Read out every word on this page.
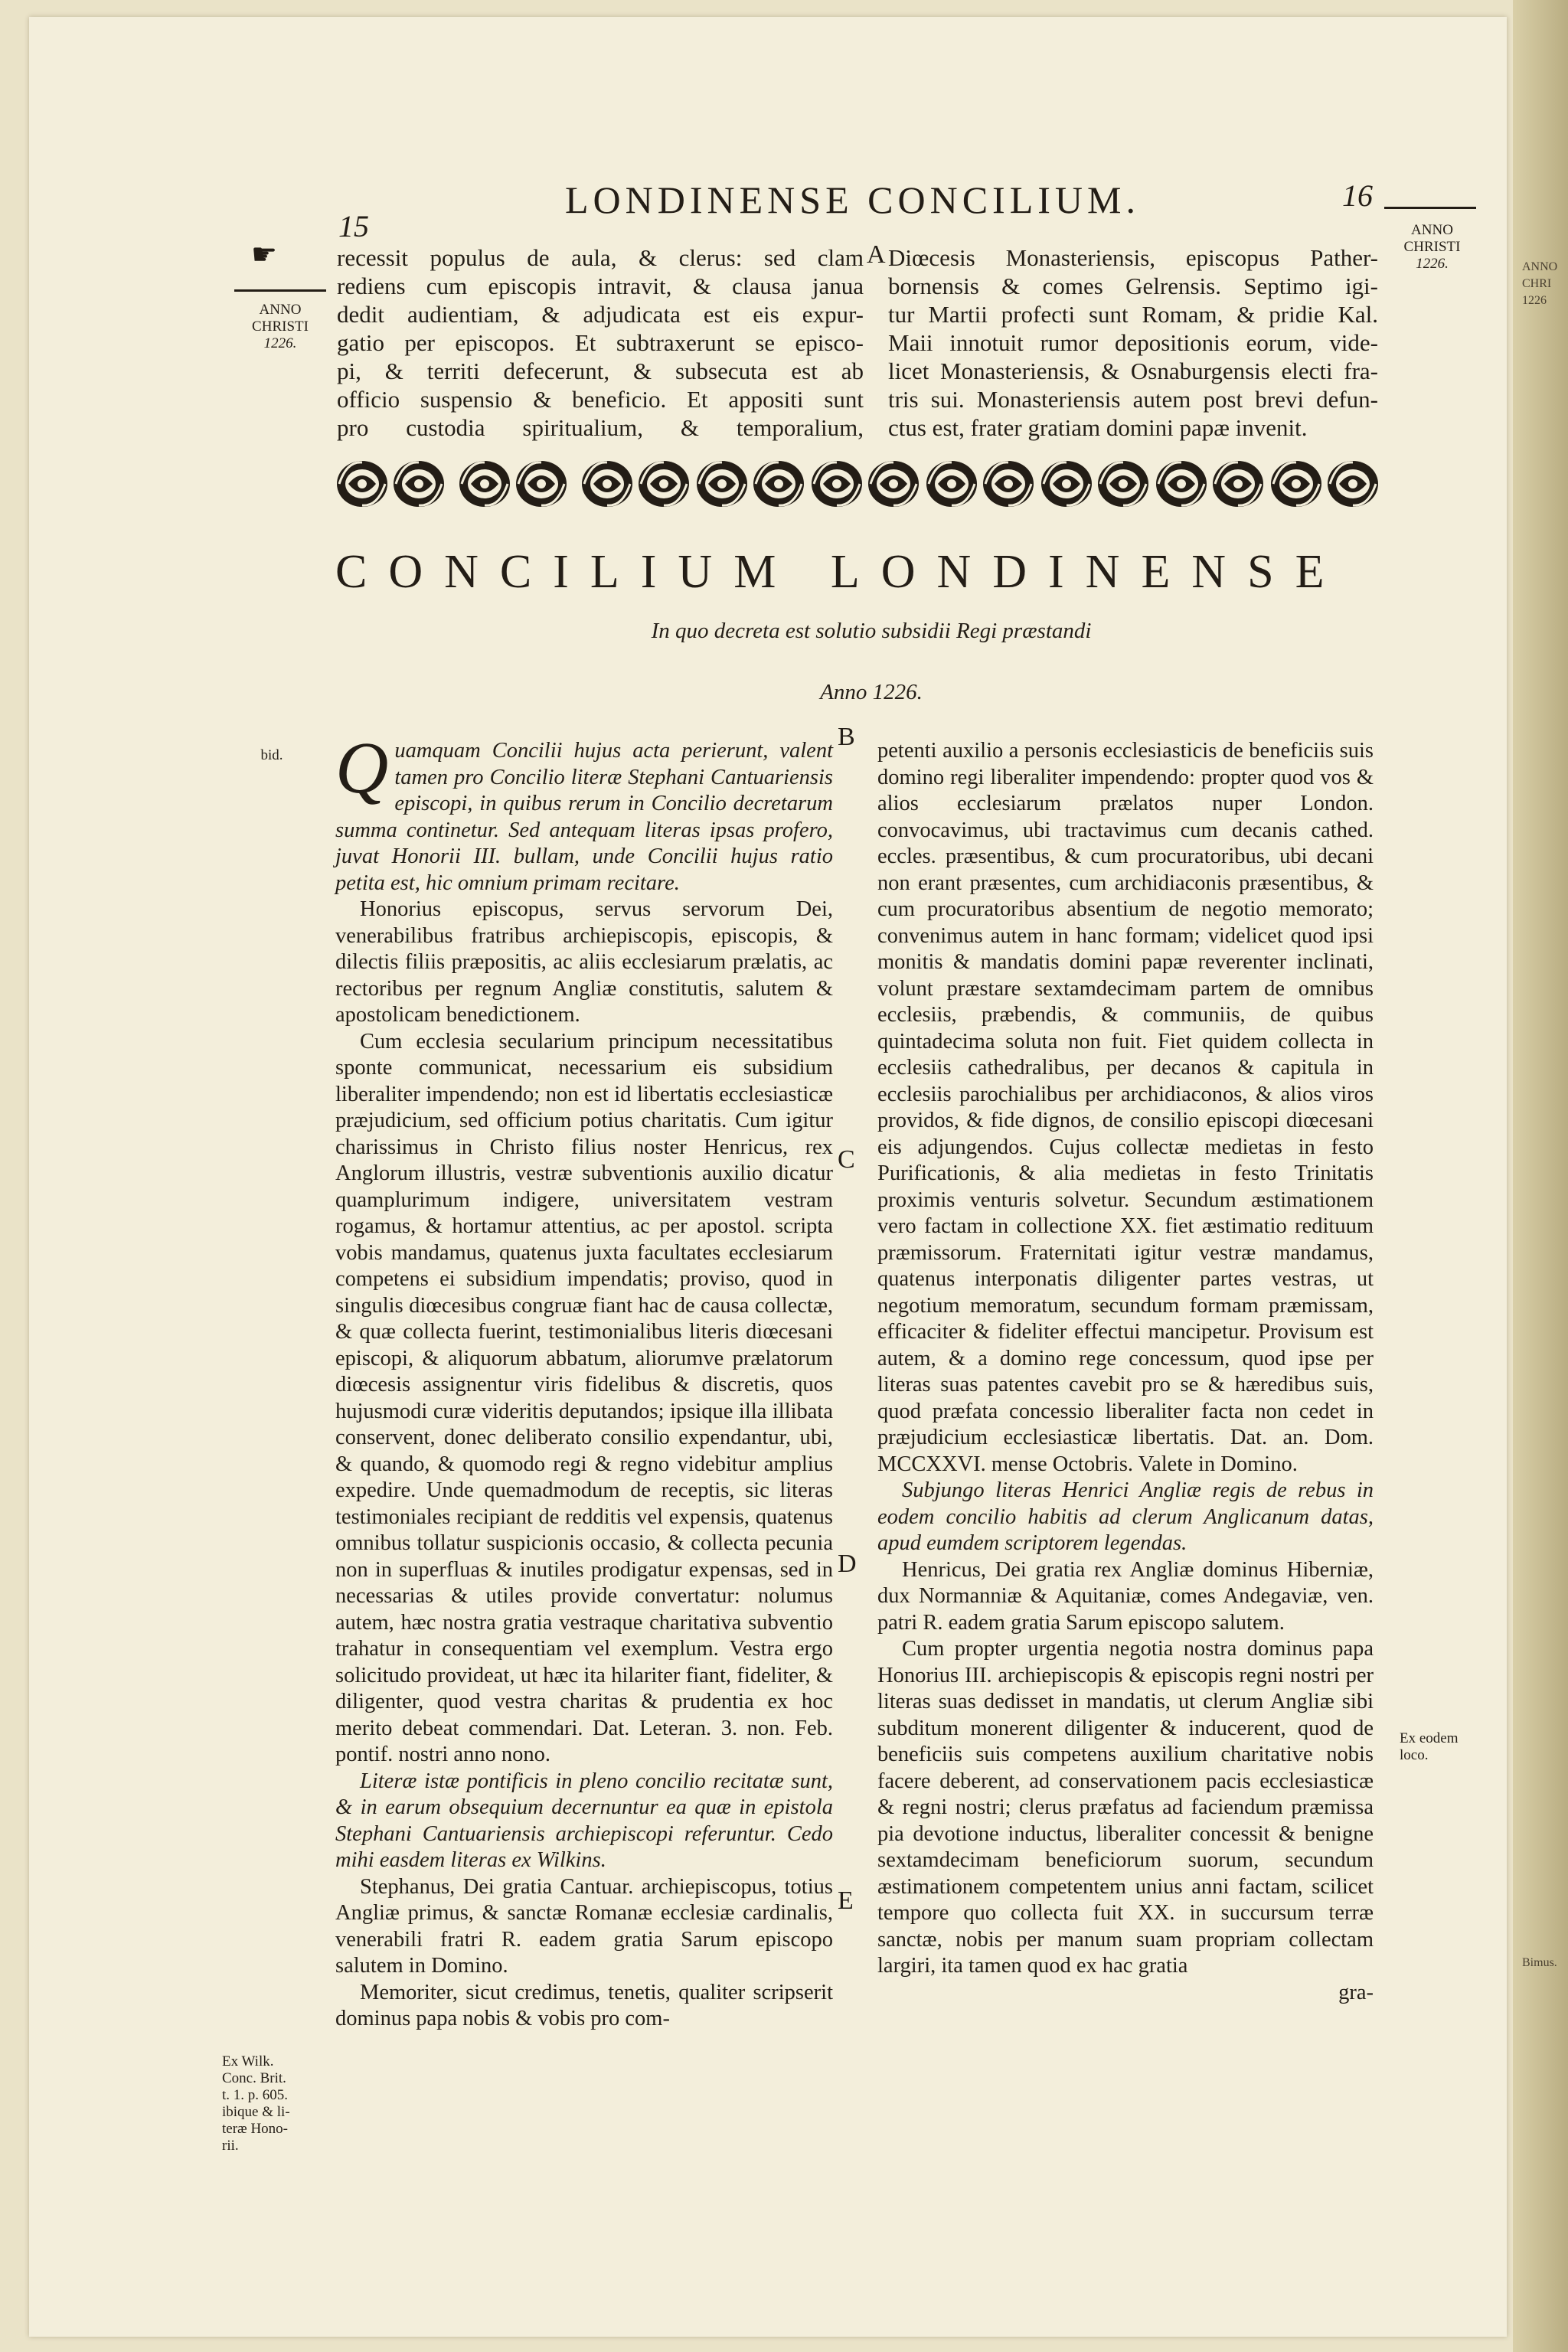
15
LONDINENSE CONCILIUM.	16
☛
ANNO
CHRISTI
1226.
ANNO
CHRISTI
1226.
recessit populus de aula, & clerus: sed clam
rediens cum episcopis intravit, & clausa janua
dedit audientiam, & adjudicata est eis expur-
gatio per episcopos. Et subtraxerunt se episco-
pi, & territi defecerunt, & subsecuta est ab
officio suspensio & beneficio. Et appositi sunt
pro custodia spiritualium, & temporalium,
A Diœcesis Monasteriensis, episcopus Pather-
bornensis & comes Gelrensis. Septimo igi-
tur Martii profecti sunt Romam, & pridie Kal.
Maii innotuit rumor depositionis eorum, vide-
licet Monasteriensis, & Osnaburgensis electi fra-
tris sui. Monasteriensis autem post brevi defun-
ctus est, frater gratiam domini papæ invenit.
CONCILIUM LONDINENSE
In quo decreta est solutio subsidii Regi præstandi
Anno 1226.
bid.
Ex Wilk.
Conc. Brit.
t. 1. p. 605.
ibique & li-
teræ Hono-
rii.
Ex eodem
loco.
B
C
D
E

Quamquam Concilii hujus acta perierunt, valent tamen pro Concilio literæ Stephani Cantuariensis episcopi, in quibus rerum in Concilio decretarum summa continetur. Sed antequam literas ipsas profero, juvat Honorii III. bullam, unde Concilii hujus ratio petita est, hic omnium primam recitare.

Honorius episcopus, servus servorum Dei, venerabilibus fratribus archiepiscopis, episcopis, & dilectis filiis præpositis, ac aliis ecclesiarum prælatis, ac rectoribus per regnum Angliæ constitutis, salutem & apostolicam benedictionem.

Cum ecclesia secularium principum necessitatibus sponte communicat, necessarium eis subsidium liberaliter impendendo; non est id libertatis ecclesiasticæ præjudicium, sed officium potius charitatis. Cum igitur charissimus in Christo filius noster Henricus, rex Anglorum illustris, vestræ subventionis auxilio dicatur quamplurimum indigere, universitatem vestram rogamus, & hortamur attentius, ac per apostol. scripta vobis mandamus, quatenus juxta facultates ecclesiarum competens ei subsidium impendatis; proviso, quod in singulis diœcesibus congruæ fiant hac de causa collectæ, & quæ collecta fuerint, testimonialibus literis diœcesani episcopi, & aliquorum abbatum, aliorumve prælatorum diœcesis assignentur viris fidelibus & discretis, quos hujusmodi curæ videritis deputandos; ipsique illa illibata conservent, donec deliberato consilio expendantur, ubi, & quando, & quomodo regi & regno videbitur amplius expedire. Unde quemadmodum de receptis, sic literas testimoniales recipiant de redditis vel expensis, quatenus omnibus tollatur suspicionis occasio, & collecta pecunia non in superfluas & inutiles prodigatur expensas, sed in necessarias & utiles provide convertatur: nolumus autem, hæc nostra gratia vestraque charitativa subventio trahatur in consequentiam vel exemplum. Vestra ergo solicitudo provideat, ut hæc ita hilariter fiant, fideliter, & diligenter, quod vestra charitas & prudentia ex hoc merito debeat commendari. Dat. Leteran. 3. non. Feb. pontif. nostri anno nono.

Literæ istæ pontificis in pleno concilio recitatæ sunt, & in earum obsequium decernuntur ea quæ in epistola Stephani Cantuariensis archiepiscopi referuntur. Cedo mihi easdem literas ex Wilkins.

Stephanus, Dei gratia Cantuar. archiepiscopus, totius Angliæ primus, & sanctæ Romanæ ecclesiæ cardinalis, venerabili fratri R. eadem gratia Sarum episcopo salutem in Domino.

Memoriter, sicut credimus, tenetis, qualiter scripserit dominus papa nobis & vobis pro com-

petenti auxilio a personis ecclesiasticis de beneficiis suis domino regi liberaliter impendendo: propter quod vos & alios ecclesiarum prælatos nuper London. convocavimus, ubi tractavimus cum decanis cathed. eccles. præsentibus, & cum procuratoribus, ubi decani non erant præsentes, cum archidiaconis præsentibus, & cum procuratoribus absentium de negotio memorato; convenimus autem in hanc formam; videlicet quod ipsi monitis & mandatis domini papæ reverenter inclinati, volunt præstare sextamdecimam partem de omnibus ecclesiis, præbendis, & communiis, de quibus quintadecima soluta non fuit. Fiet quidem collecta in ecclesiis cathedralibus, per decanos & capitula in ecclesiis parochialibus per archidiaconos, & alios viros providos, & fide dignos, de consilio episcopi diœcesani eis adjungendos. Cujus collectæ medietas in festo Purificationis, & alia medietas in festo Trinitatis proximis venturis solvetur. Secundum æstimationem vero factam in collectione XX. fiet æstimatio redituum præmissorum. Fraternitati igitur vestræ mandamus, quatenus interponatis diligenter partes vestras, ut negotium memoratum, secundum formam præmissam, efficaciter & fideliter effectui mancipetur. Provisum est autem, & a domino rege concessum, quod ipse per literas suas patentes cavebit pro se & hæredibus suis, quod præfata concessio liberaliter facta non cedet in præjudicium ecclesiasticæ libertatis. Dat. an. Dom. MCCXXVI. mense Octobris. Valete in Domino.

Subjungo literas Henrici Angliæ regis de rebus in eodem concilio habitis ad clerum Anglicanum datas, apud eumdem scriptorem legendas.

Henricus, Dei gratia rex Angliæ dominus Hiberniæ, dux Normanniæ & Aquitaniæ, comes Andegaviæ, ven. patri R. eadem gratia Sarum episcopo salutem.

Cum propter urgentia negotia nostra dominus papa Honorius III. archiepiscopis & episcopis regni nostri per literas suas dedisset in mandatis, ut clerum Angliæ sibi subditum monerent diligenter & inducerent, quod de beneficiis suis competens auxilium charitative nobis facere deberent, ad conservationem pacis ecclesiasticæ & regni nostri; clerus præfatus ad faciendum præmissa pia devotione inductus, liberaliter concessit & benigne sextamdecimam beneficiorum suorum, secundum æstimationem competentem unius anni factam, scilicet tempore quo collecta fuit XX. in succursum terræ sanctæ, nobis per manum suam propriam collectam largiri, ita tamen quod ex hac gratia

gra-

ANNO
CHRI
1226
Bimus.
